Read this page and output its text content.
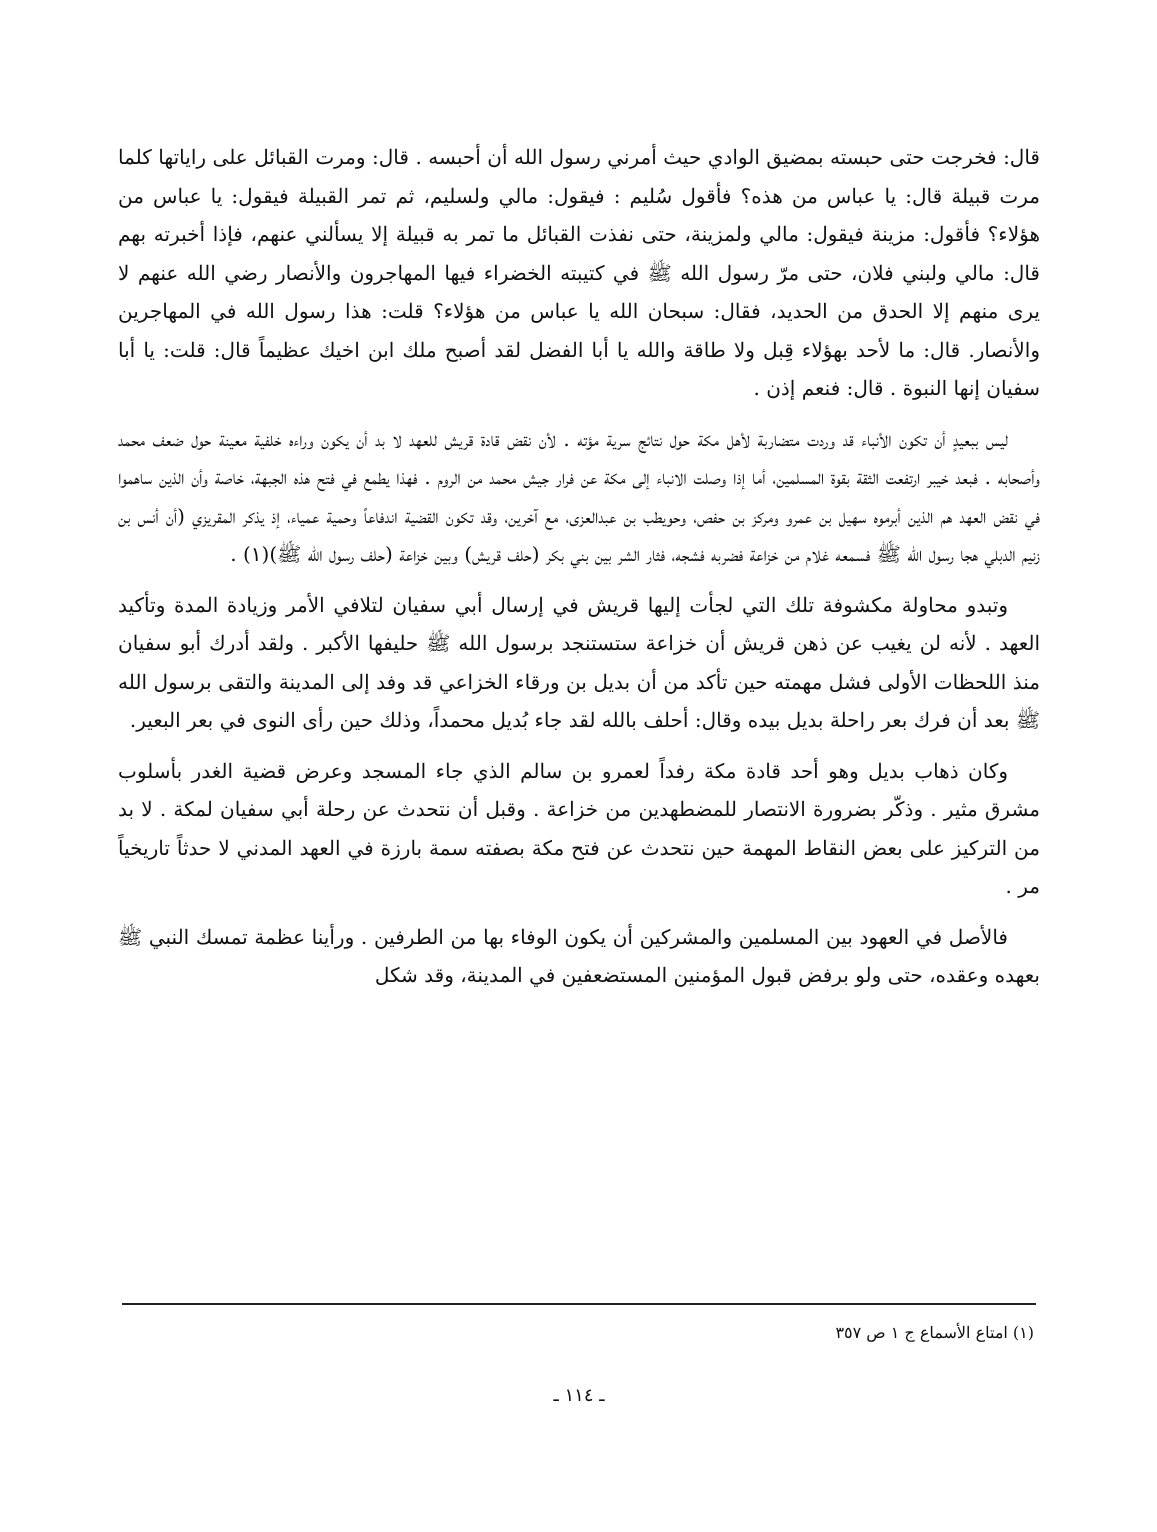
قال: فخرجت حتى حبسته بمضيق الوادي حيث أمرني رسول الله أن أحبسه . قال: ومرت القبائل على راياتها كلما مرت قبيلة قال: يا عباس من هذه؟ فأقول سُليم : فيقول: مالي ولسليم، ثم تمر القبيلة فيقول: يا عباس من هؤلاء؟ فأقول: مزينة فيقول: مالي ولمزينة، حتى نفذت القبائل ما تمر به قبيلة إلا يسألني عنهم، فإذا أخبرته بهم قال: مالي ولبني فلان، حتى مرّ رسول الله ﷺ في كتيبته الخضراء فيها المهاجرون والأنصار رضي الله عنهم لا يرى منهم إلا الحدق من الحديد، فقال: سبحان الله يا عباس من هؤلاء؟ قلت: هذا رسول الله في المهاجرين والأنصار. قال: ما لأحد بهؤلاء قِبل ولا طاقة والله يا أبا الفضل لقد أصبح ملك ابن اخيك عظيماً قال: قلت: يا أبا سفيان إنها النبوة . قال: فنعم إذن .

ليس ببعيدٍ أن تكون الأنباء قد وردت متضاربة لأهل مكة حول نتائج سرية مؤته . لأن نقض قادة قريش للعهد لا بد أن يكون وراءه خلفية معينة حول ضعف محمد وأصحابه . فبعد خيبر ارتفعت الثقة بقوة المسلمين، أما إذا وصلت الانباء إلى مكة عن فرار جيش محمد من الروم . فهذا يطمع في فتح هذه الجبهة، خاصة وأن الذين ساهموا في نقض العهد هم الذين أبرموه سهيل بن عمرو ومركز بن حفص، وحويطب بن عبدالعزى، مع آخرين، وقد تكون القضية اندفاعاً وحمية عمياء، إذ يذكر المقريزي (أن أنس بن زنيم الدبلي هجا رسول الله ﷺ فسمعه غلام من خزاعة فضربه فشجه، فثار الشر بين بني بكر (حلف قريش) وبين خزاعة (حلف رسول الله ﷺ)(١) .

وتبدو محاولة مكشوفة تلك التي لجأت إليها قريش في إرسال أبي سفيان لتلافي الأمر وزيادة المدة وتأكيد العهد . لأنه لن يغيب عن ذهن قريش أن خزاعة ستستنجد برسول الله ﷺ حليفها الأكبر . ولقد أدرك أبو سفيان منذ اللحظات الأولى فشل مهمته حين تأكد من أن بديل بن ورقاء الخزاعي قد وفد إلى المدينة والتقى برسول الله ﷺ بعد أن فرك بعر راحلة بديل بيده وقال: أحلف بالله لقد جاء بُديل محمداً، وذلك حين رأى النوى في بعر البعير.

وكان ذهاب بديل وهو أحد قادة مكة رفداً لعمرو بن سالم الذي جاء المسجد وعرض قضية الغدر بأسلوب مشرق مثير . وذكّر بضرورة الانتصار للمضطهدين من خزاعة . وقبل أن نتحدث عن رحلة أبي سفيان لمكة . لا بد من التركيز على بعض النقاط المهمة حين نتحدث عن فتح مكة بصفته سمة بارزة في العهد المدني لا حدثاً تاريخياً مر .

فالأصل في العهود بين المسلمين والمشركين أن يكون الوفاء بها من الطرفين . ورأينا عظمة تمسك النبي ﷺ بعهده وعقده، حتى ولو برفض قبول المؤمنين المستضعفين في المدينة، وقد شكل

(١) امتاع الأسماع ج ١ ص ٣٥٧

ـ ١١٤ ـ
